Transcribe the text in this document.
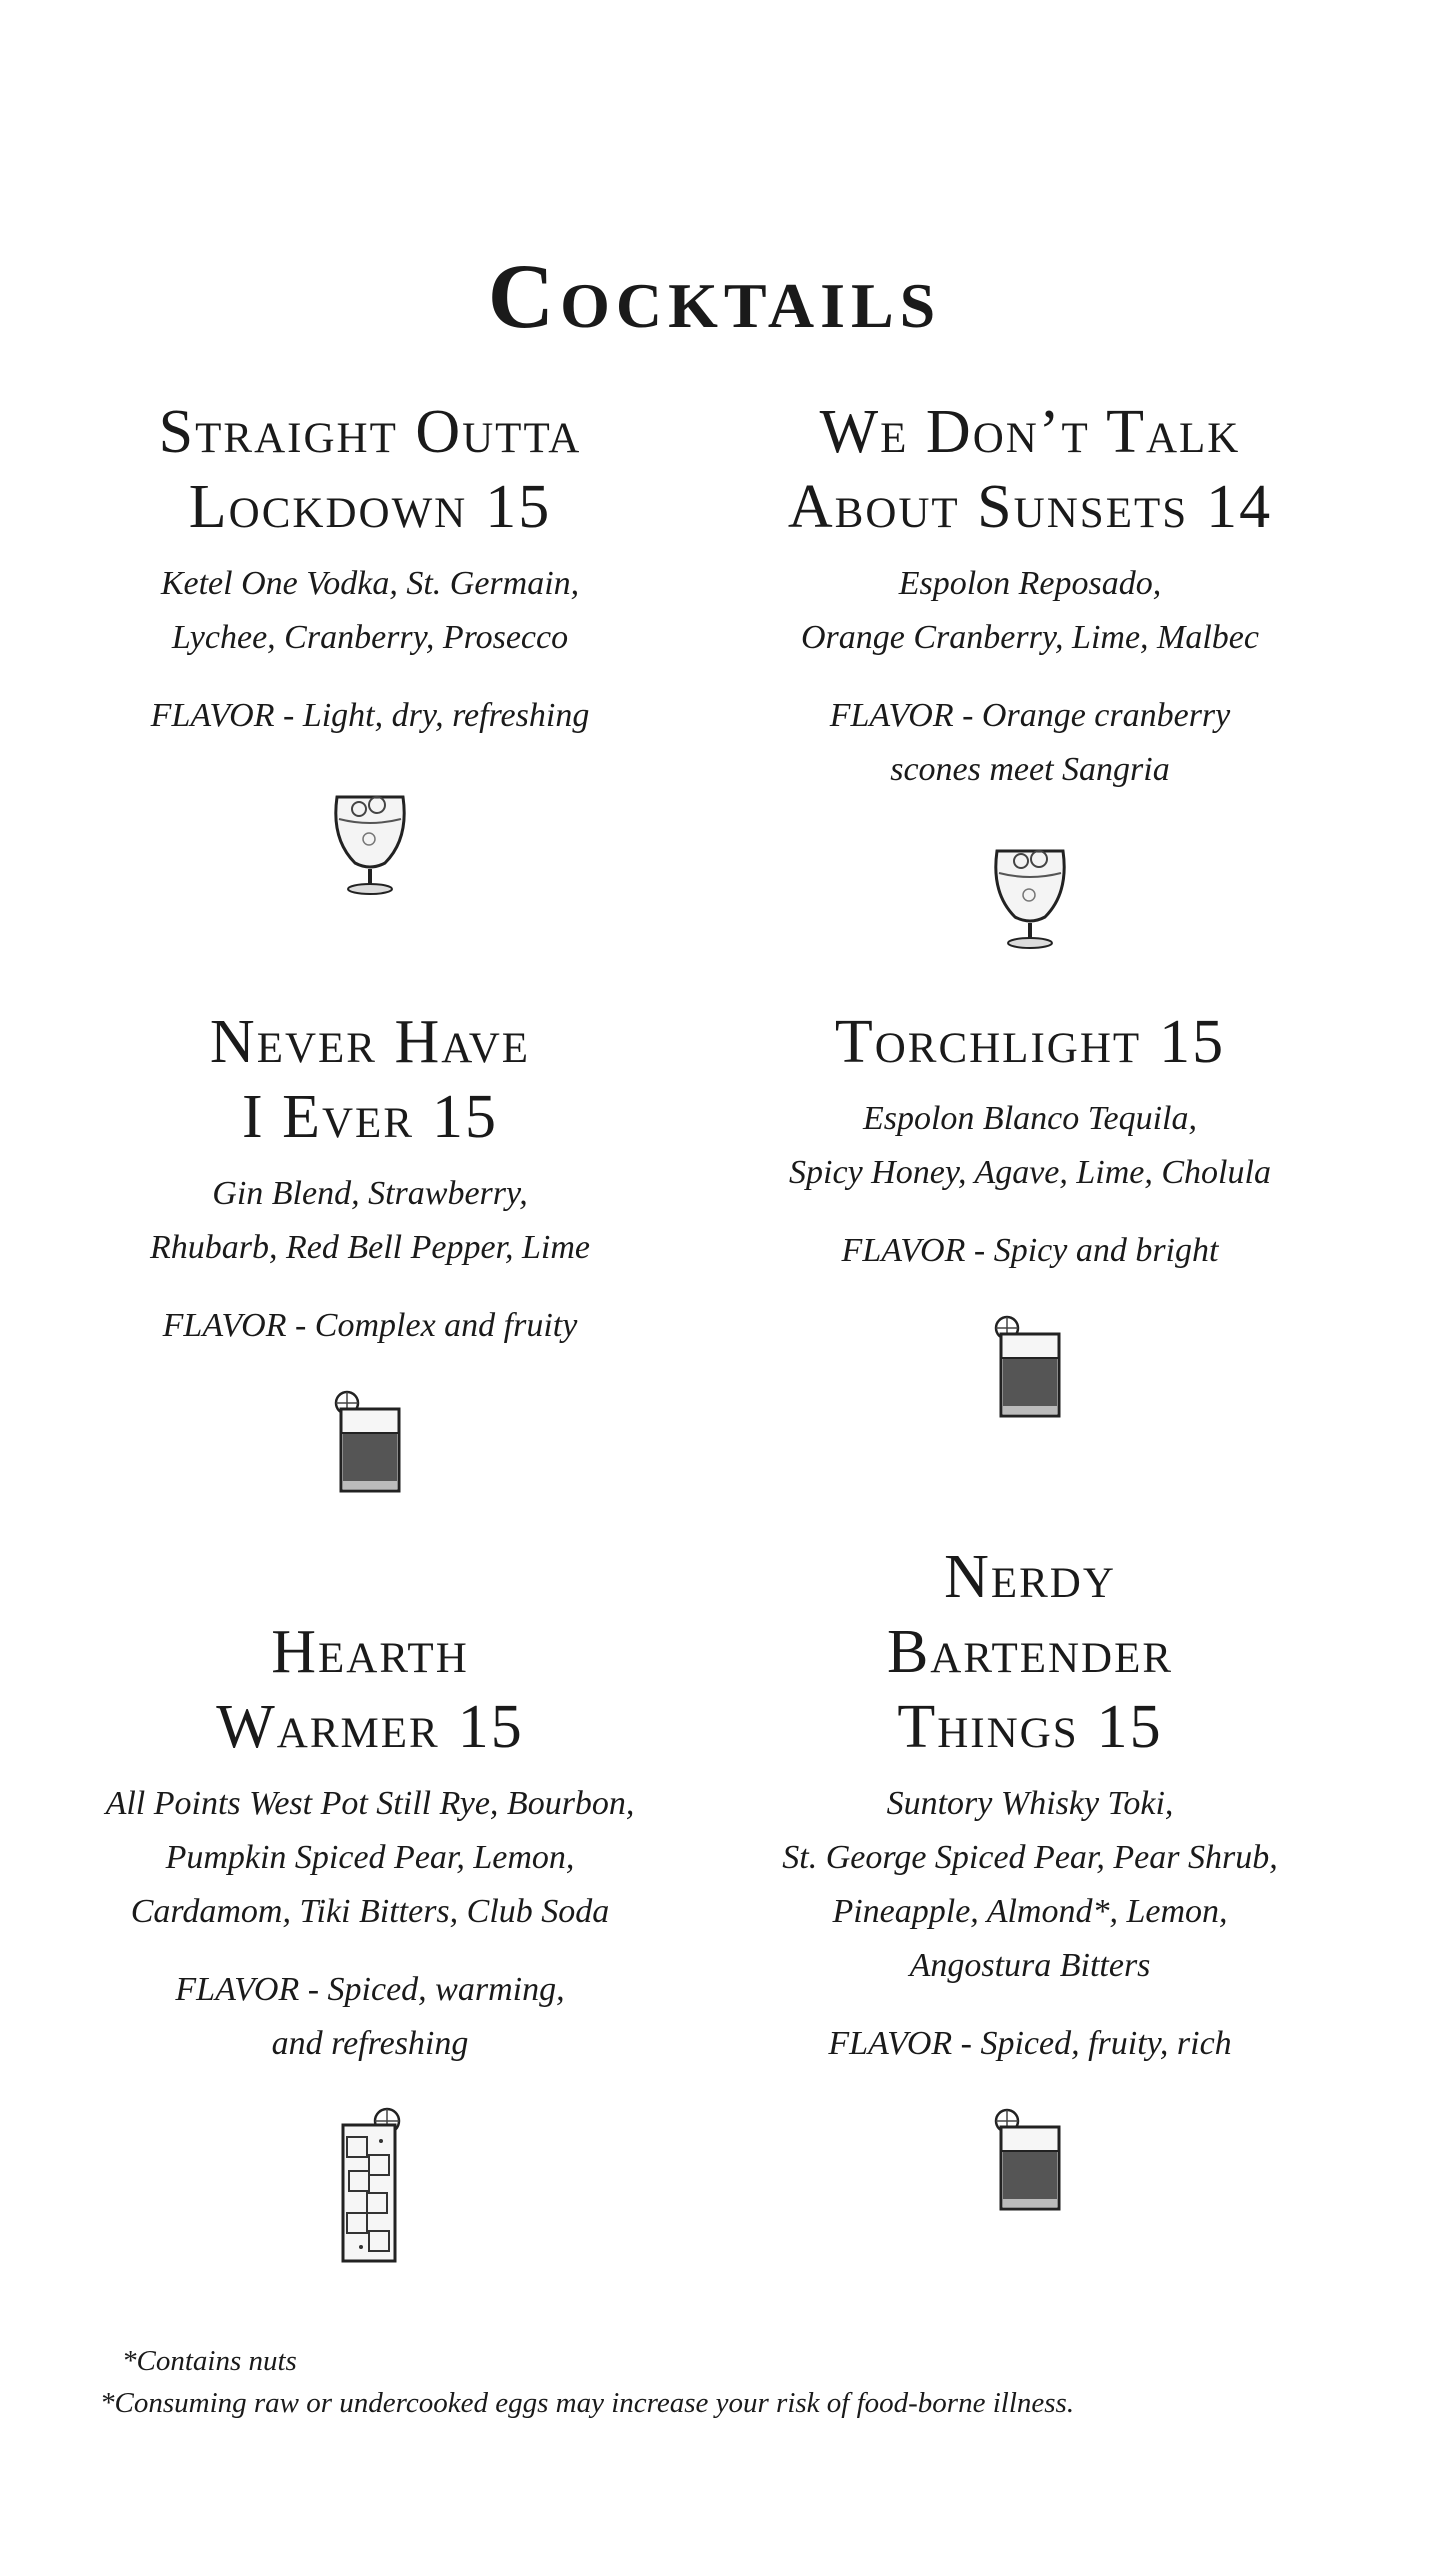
Cocktails

Straight Outta
Lockdown 15

Ketel One Vodka, St. Germain,
Lychee, Cranberry, Prosecco

FLAVOR - Light, dry, refreshing

We Don’t Talk
About Sunsets 14

Espolon Reposado,
Orange Cranberry, Lime, Malbec

FLAVOR - Orange cranberry
scones meet Sangria

Never Have
I Ever 15

Gin Blend, Strawberry,
Rhubarb, Red Bell Pepper, Lime

FLAVOR - Complex and fruity

Torchlight 15

Espolon Blanco Tequila,
Spicy Honey, Agave, Lime, Cholula

FLAVOR - Spicy and bright

Hearth
Warmer 15

All Points West Pot Still Rye, Bourbon,
Pumpkin Spiced Pear, Lemon,
Cardamom, Tiki Bitters, Club Soda

FLAVOR - Spiced, warming,
and refreshing

Nerdy
Bartender
Things 15

Suntory Whisky Toki,
St. George Spiced Pear, Pear Shrub,
Pineapple, Almond*, Lemon,
Angostura Bitters

FLAVOR - Spiced, fruity, rich

*Contains nuts

*Consuming raw or undercooked eggs may increase your risk of food-borne illness.
